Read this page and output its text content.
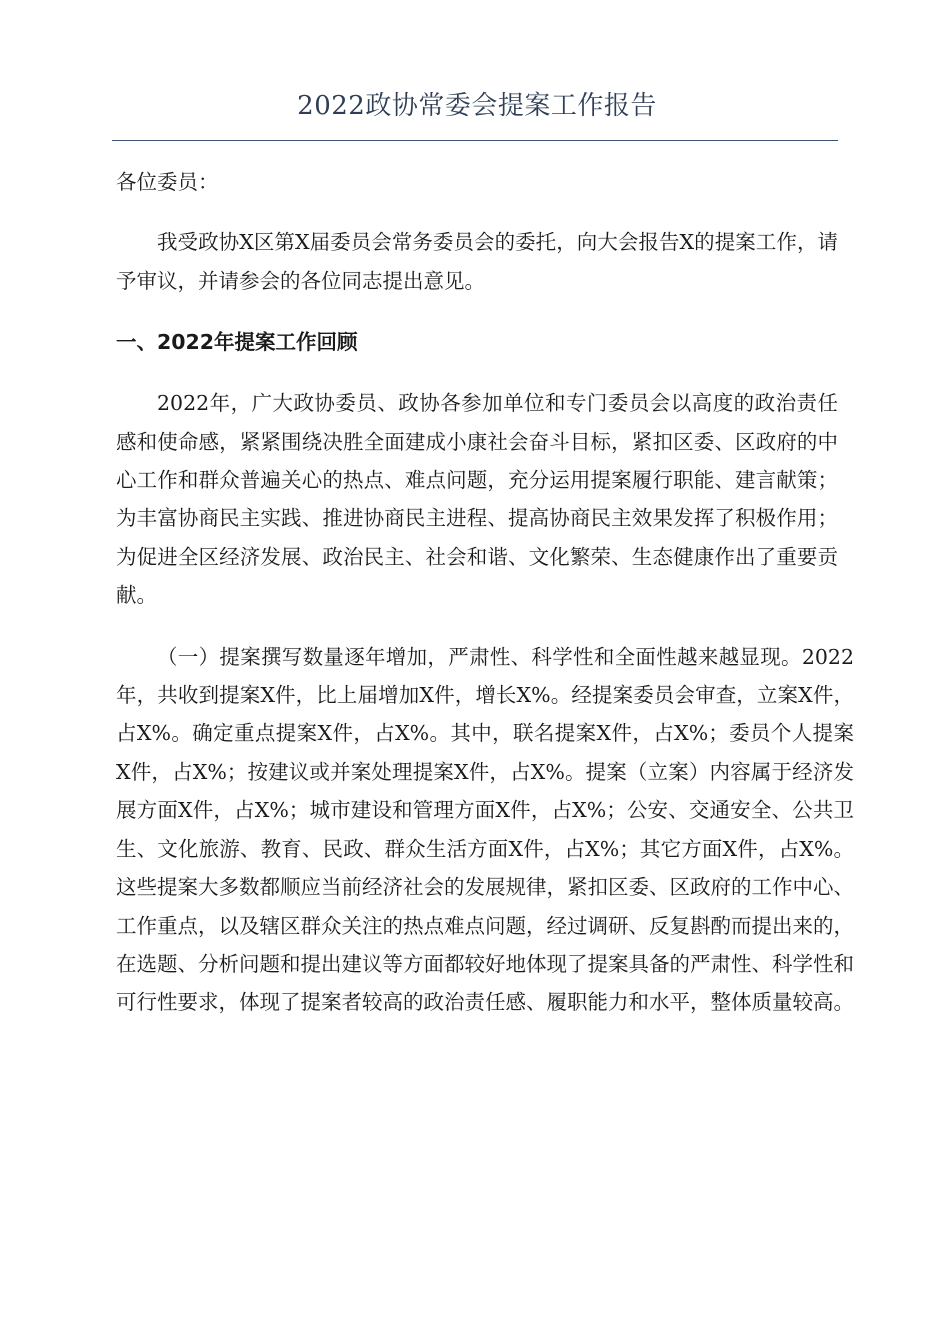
2022政协常委会提案工作报告

各位委员：

我受政协X区第X届委员会常务委员会的委托，向大会报告X的提案工作，请予审议，并请参会的各位同志提出意见。

一、2022年提案工作回顾

2022年，广大政协委员、政协各参加单位和专门委员会以高度的政治责任感和使命感，紧紧围绕决胜全面建成小康社会奋斗目标，紧扣区委、区政府的中心工作和群众普遍关心的热点、难点问题，充分运用提案履行职能、建言献策；为丰富协商民主实践、推进协商民主进程、提高协商民主效果发挥了积极作用；为促进全区经济发展、政治民主、社会和谐、文化繁荣、生态健康作出了重要贡献。

（一）提案撰写数量逐年增加，严肃性、科学性和全面性越来越显现。2022年，共收到提案X件，比上届增加X件，增长X%。经提案委员会审查，立案X件，占X%。确定重点提案X件，占X%。其中，联名提案X件，占X%；委员个人提案X件，占X%；按建议或并案处理提案X件，占X%。提案（立案）内容属于经济发展方面X件，占X%；城市建设和管理方面X件，占X%；公安、交通安全、公共卫生、文化旅游、教育、民政、群众生活方面X件，占X%；其它方面X件，占X%。这些提案大多数都顺应当前经济社会的发展规律，紧扣区委、区政府的工作中心、工作重点，以及辖区群众关注的热点难点问题，经过调研、反复斟酌而提出来的，在选题、分析问题和提出建议等方面都较好地体现了提案具备的严肃性、科学性和可行性要求，体现了提案者较高的政治责任感、履职能力和水平，整体质量较高。
